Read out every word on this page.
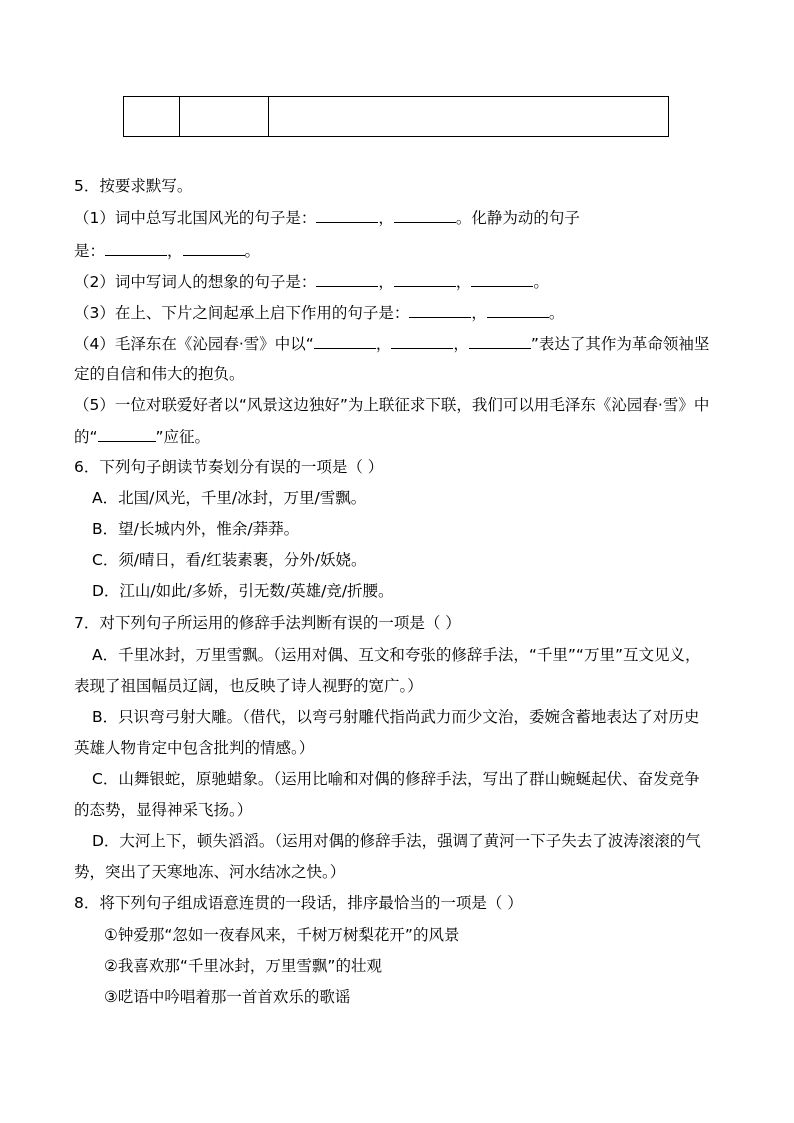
5．按要求默写。
（1）词中总写北国风光的句子是：	，	。化静为动的句子
是：	，	。
（2）词中写词人的想象的句子是：	，	，	。
（3）在上、下片之间起承上启下作用的句子是：	，	。
（4）毛泽东在《沁园春·雪》中以“	，	，	”表达了其作为革命领袖坚
定的自信和伟大的抱负。
（5）一位对联爱好者以“风景这边独好”为上联征求下联，我们可以用毛泽东《沁园春·雪》中
的“	”应征。
6．下列句子朗读节奏划分有误的一项是（ ）
A．北国/风光，千里/冰封，万里/雪飘。
B．望/长城内外，惟余/莽莽。
C．须/晴日，看/红装素裹，分外/妖娆。
D．江山/如此/多娇，引无数/英雄/竞/折腰。
7．对下列句子所运用的修辞手法判断有误的一项是（ ）
A．千里冰封，万里雪飘。（运用对偶、互文和夸张的修辞手法，“千里”“万里”互文见义，
表现了祖国幅员辽阔，也反映了诗人视野的宽广。）
B．只识弯弓射大雕。（借代，以弯弓射雕代指尚武力而少文治，委婉含蓄地表达了对历史
英雄人物肯定中包含批判的情感。）
C．山舞银蛇，原驰蜡象。（运用比喻和对偶的修辞手法，写出了群山蜿蜒起伏、奋发竞争
的态势，显得神采飞扬。）
D．大河上下，顿失滔滔。（运用对偶的修辞手法，强调了黄河一下子失去了波涛滚滚的气
势，突出了天寒地冻、河水结冰之快。）
8．将下列句子组成语意连贯的一段话，排序最恰当的一项是（ ）
①钟爱那“忽如一夜春风来，千树万树梨花开”的风景
②我喜欢那“千里冰封，万里雪飘”的壮观
③呓语中吟唱着那一首首欢乐的歌谣
